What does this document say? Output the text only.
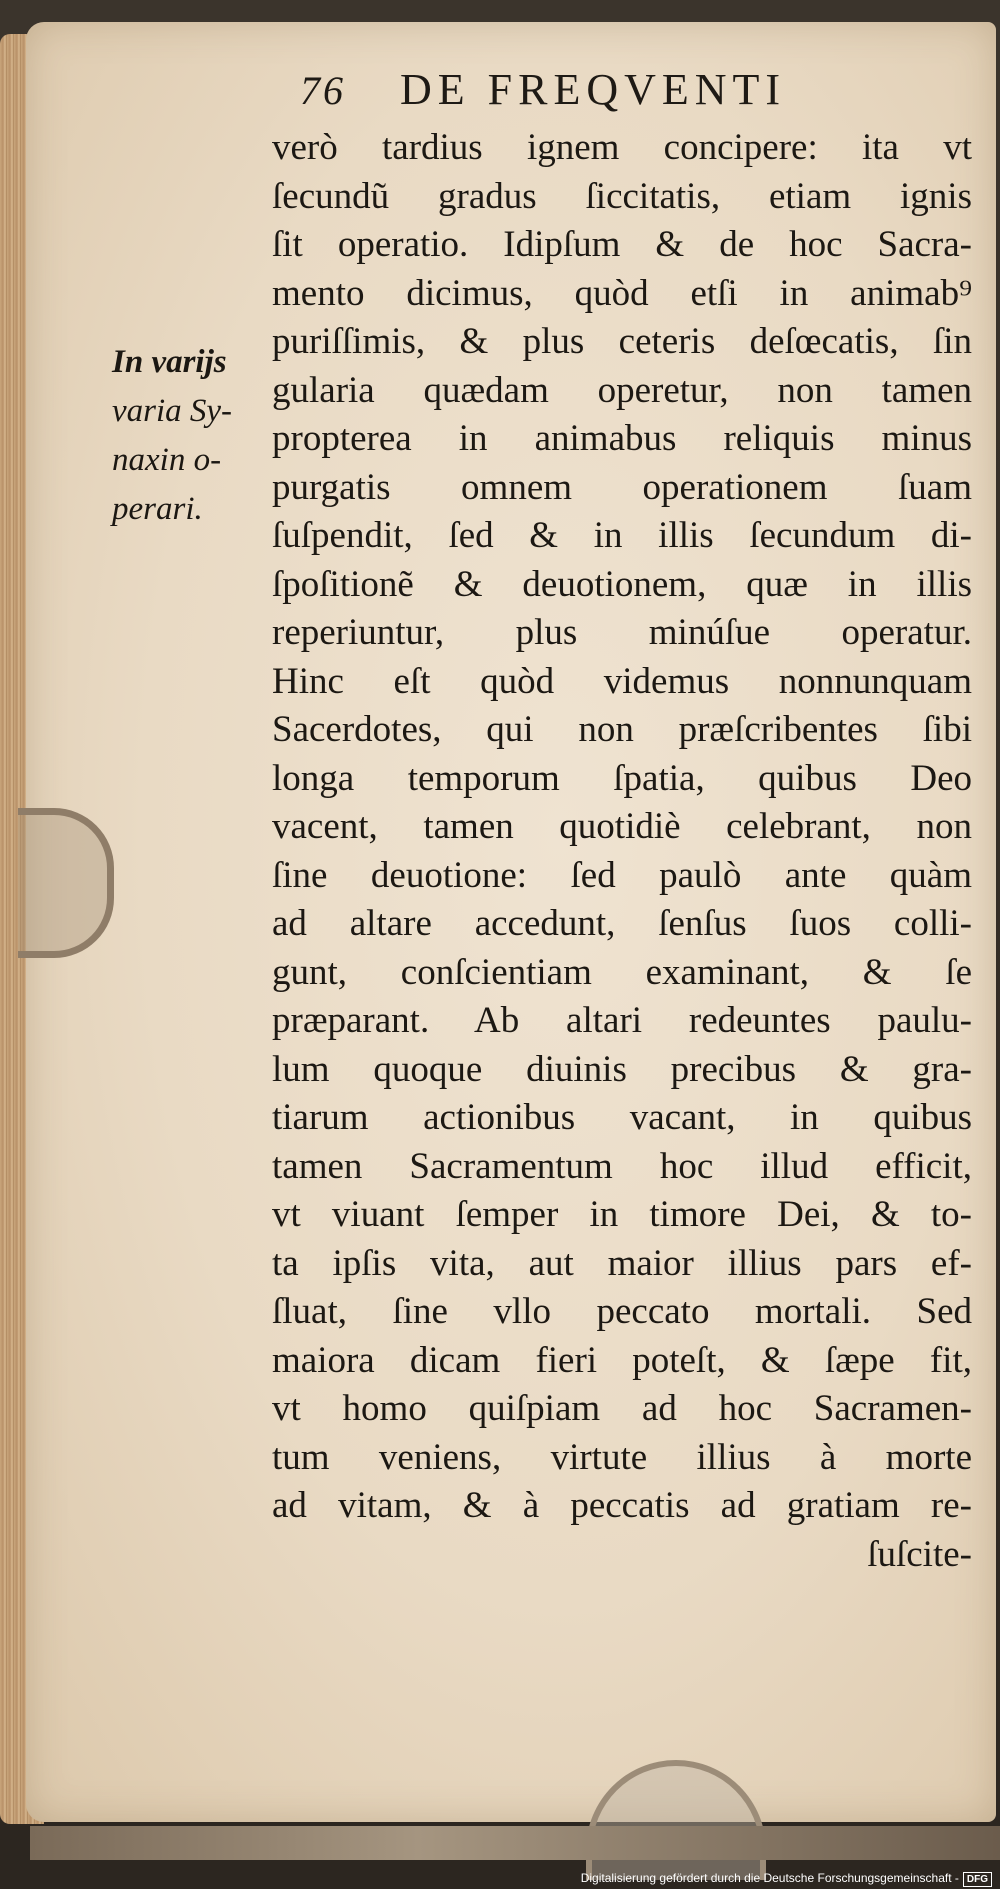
76 DE FREQVENTI
In varijs
varia Sy-
naxin o-
perari.
verò tardius ignem concipere: ita vt
ſecundũ gradus ſiccitatis, etiam ignis
ſit operatio. Idipſum & de hoc Sacra-
mento dicimus, quòd etſi in animab⁹
puriſſimis, & plus ceteris deſœcatis, ſin
gularia quædam operetur, non tamen
propterea in animabus reliquis minus
purgatis omnem operationem ſuam
ſuſpendit, ſed & in illis ſecundum di-
ſpoſitionẽ & deuotionem, quæ in illis
reperiuntur, plus minúſue operatur.
Hinc eſt quòd videmus nonnunquam
Sacerdotes, qui non præſcribentes ſibi
longa temporum ſpatia, quibus Deo
vacent, tamen quotidiè celebrant, non
ſine deuotione: ſed paulò ante quàm
ad altare accedunt, ſenſus ſuos colli-
gunt, conſcientiam examinant, & ſe
præparant. Ab altari redeuntes paulu-
lum quoque diuinis precibus & gra-
tiarum actionibus vacant, in quibus
tamen Sacramentum hoc illud efficit,
vt viuant ſemper in timore Dei, & to-
ta ipſis vita, aut maior illius pars ef-
ſluat, ſine vllo peccato mortali. Sed
maiora dicam fieri poteſt, & ſæpe fit,
vt homo quiſpiam ad hoc Sacramen-
tum veniens, virtute illius à morte
ad vitam, & à peccatis ad gratiam re-
ſuſcite-
Digitalisierung gefördert durch die Deutsche Forschungsgemeinschaft - DFG
